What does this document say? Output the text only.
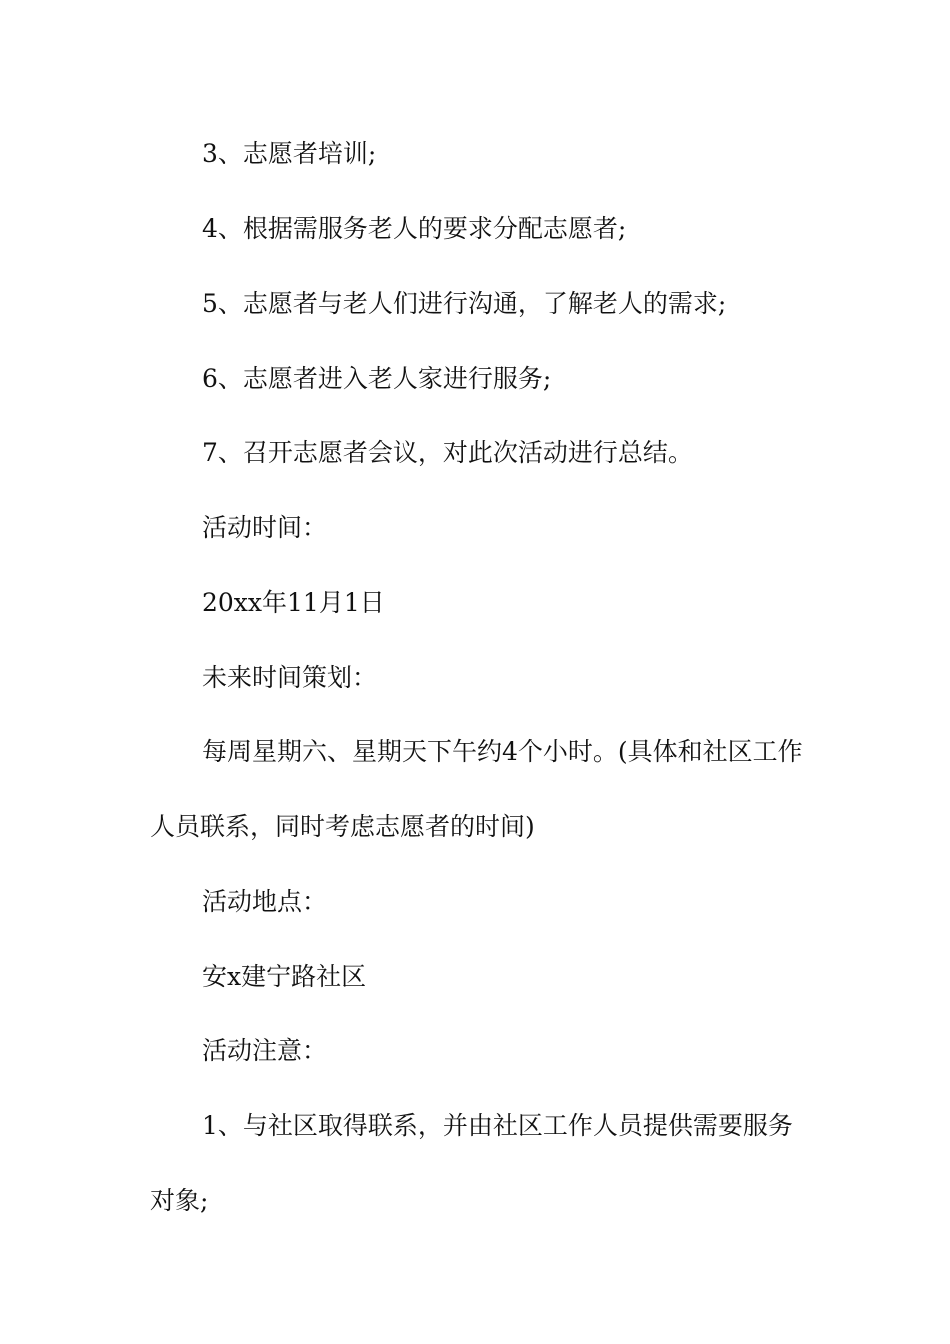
3、志愿者培训;

4、根据需服务老人的要求分配志愿者;

5、志愿者与老人们进行沟通，了解老人的需求;

6、志愿者进入老人家进行服务;

7、召开志愿者会议，对此次活动进行总结。

活动时间：

20xx年11月1日

未来时间策划：

每周星期六、星期天下午约4个小时。(具体和社区工作人员联系，同时考虑志愿者的时间)

活动地点：

安x建宁路社区

活动注意：

1、与社区取得联系，并由社区工作人员提供需要服务对象;
